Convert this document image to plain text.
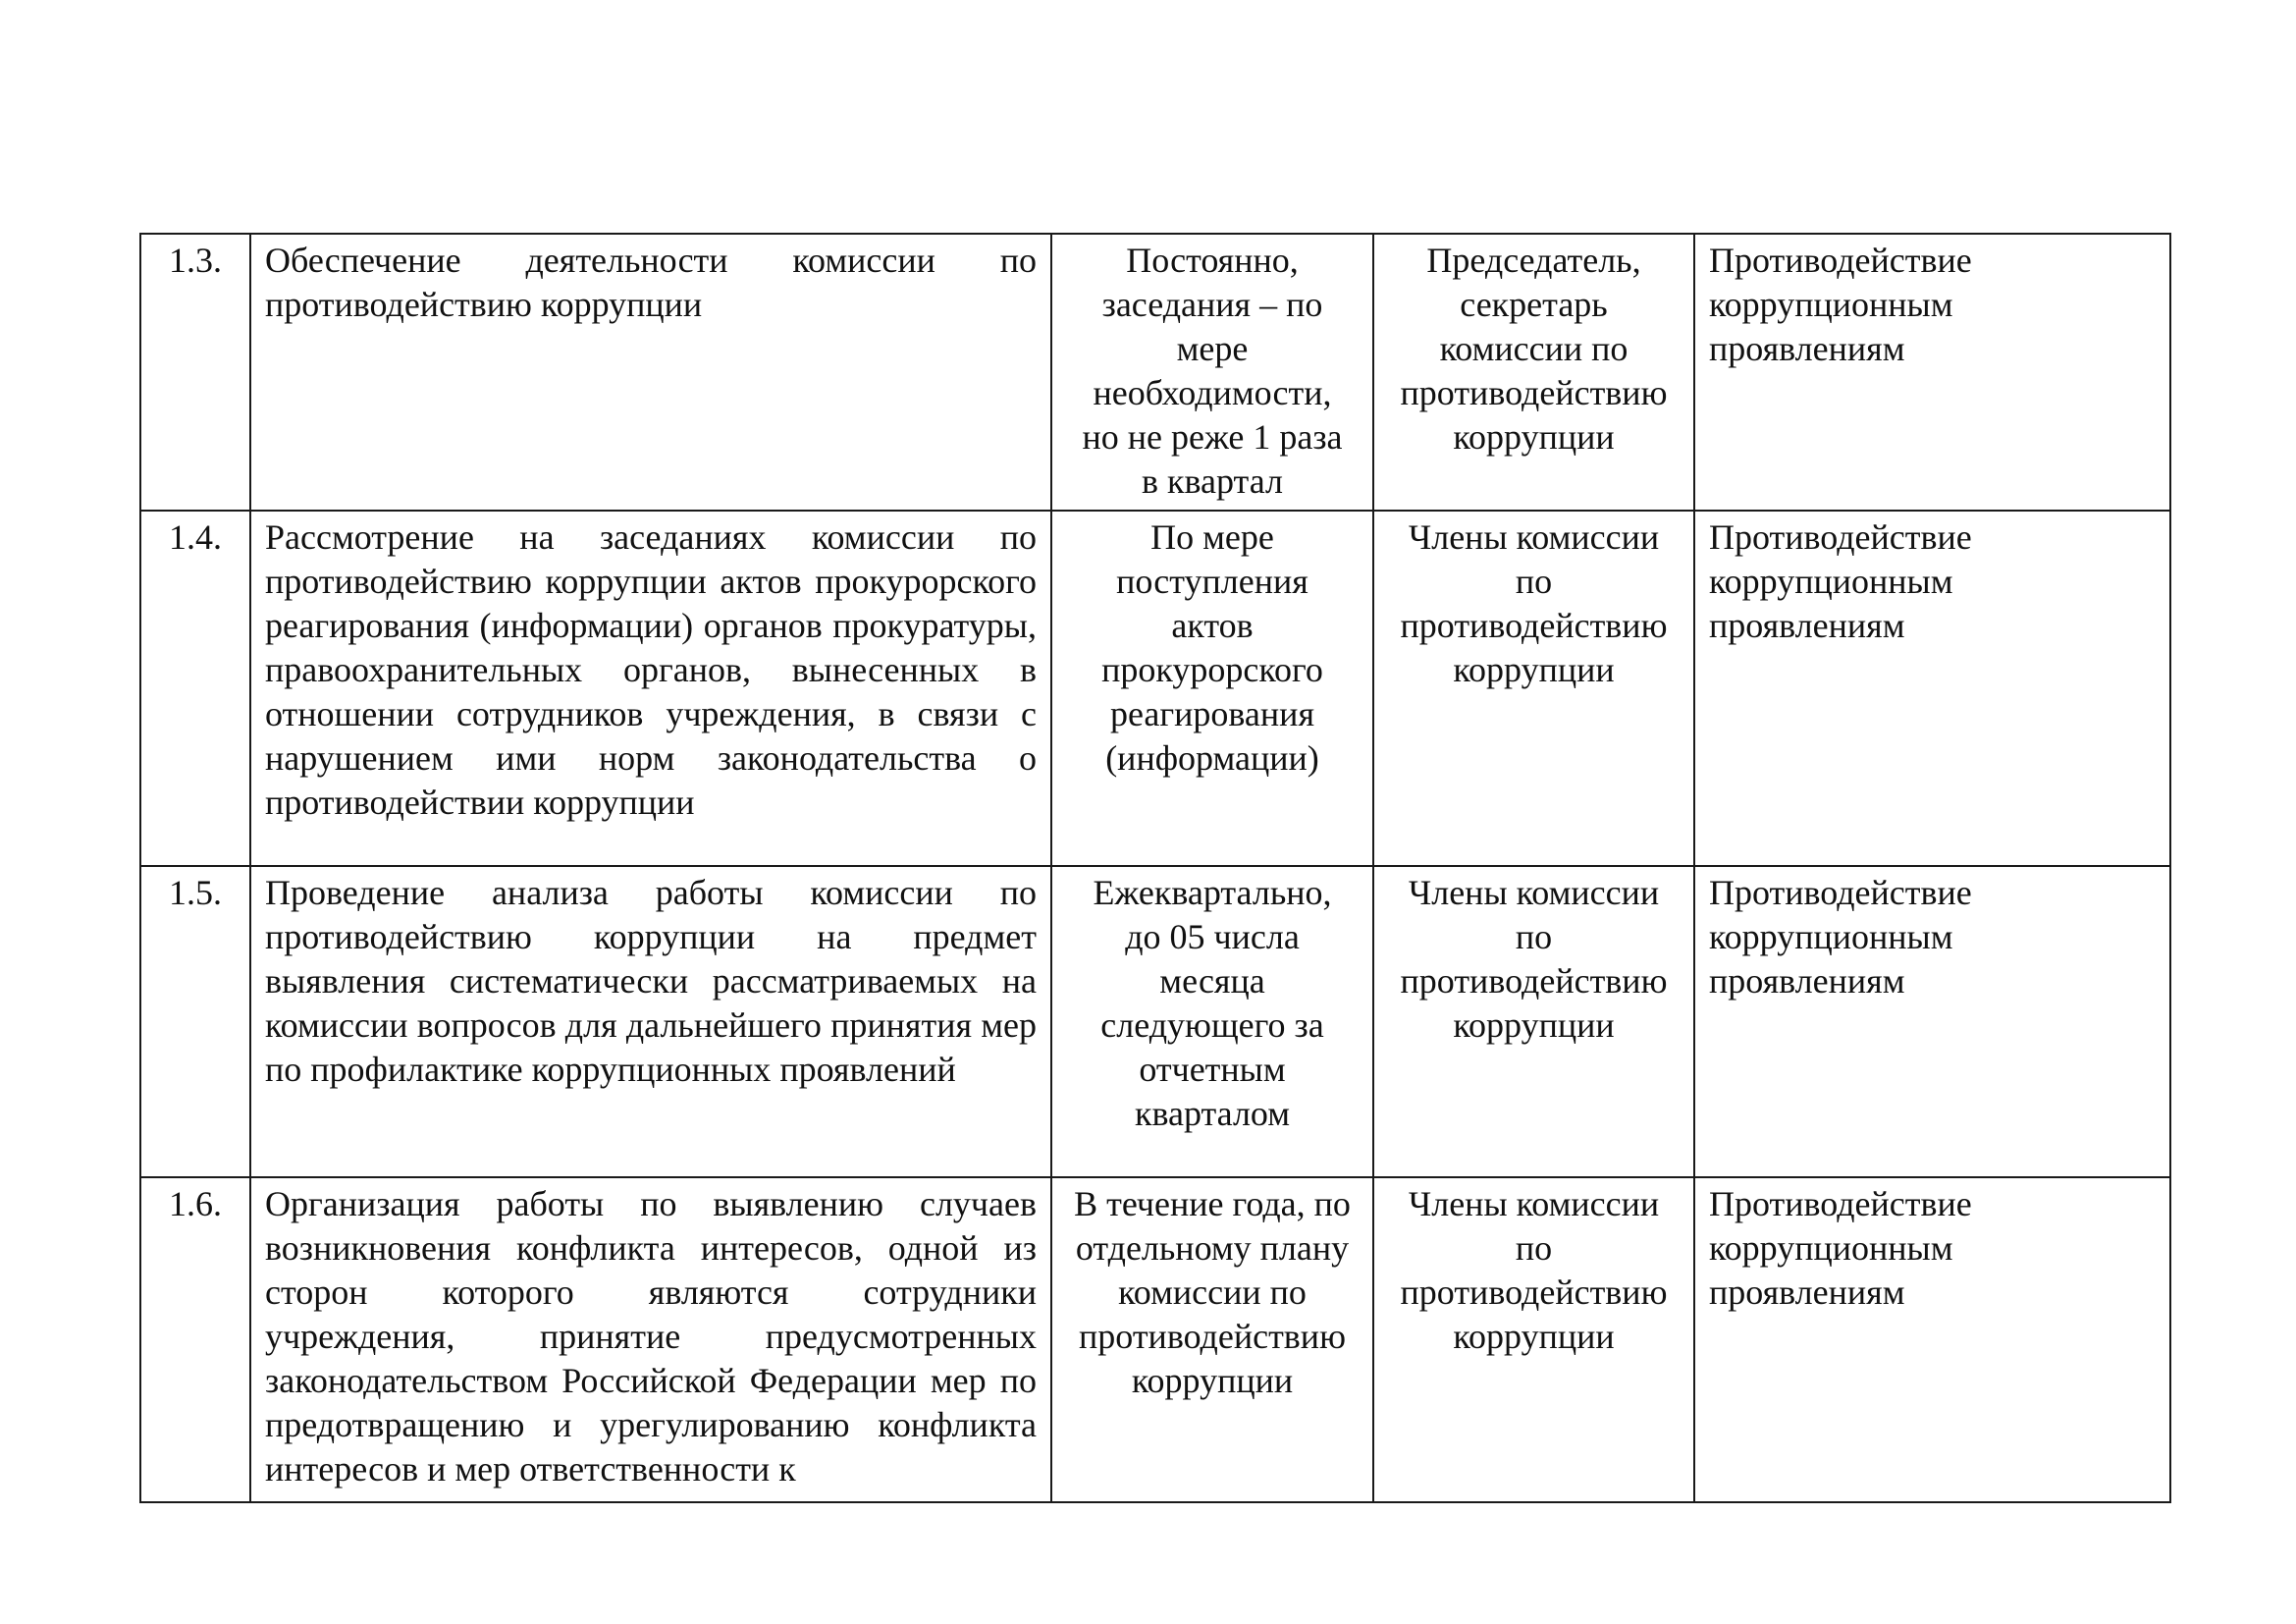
1.3.	Обеспечение деятельности комиссии по противодействию коррупции	Постоянно, заседания – по мере необходимости, но не реже 1 раза в квартал	Председатель, секретарь комиссии по противодействию коррупции	Противодействие коррупционным проявлениям

1.4.	Рассмотрение на заседаниях комиссии по противодействию коррупции актов прокурорского реагирования (информации) органов прокуратуры, правоохранительных органов, вынесенных в отношении сотрудников учреждения, в связи с нарушением ими норм законодательства о противодействии коррупции	По мере поступления актов прокурорского реагирования (информации)	Члены комиссии по противодействию коррупции	Противодействие коррупционным проявлениям

1.5.	Проведение анализа работы комиссии по противодействию коррупции на предмет выявления систематически рассматриваемых на комиссии вопросов для дальнейшего принятия мер по профилактике коррупционных проявлений	Ежеквартально, до 05 числа месяца следующего за отчетным кварталом	Члены комиссии по противодействию коррупции	Противодействие коррупционным проявлениям

1.6.	Организация работы по выявлению случаев возникновения конфликта интересов, одной из сторон которого являются сотрудники учреждения, принятие предусмотренных законодательством Российской Федерации мер по предотвращению и урегулированию конфликта интересов и мер ответственности к	В течение года, по отдельному плану комиссии по противодействию коррупции	Члены комиссии по противодействию коррупции	Противодействие коррупционным проявлениям
